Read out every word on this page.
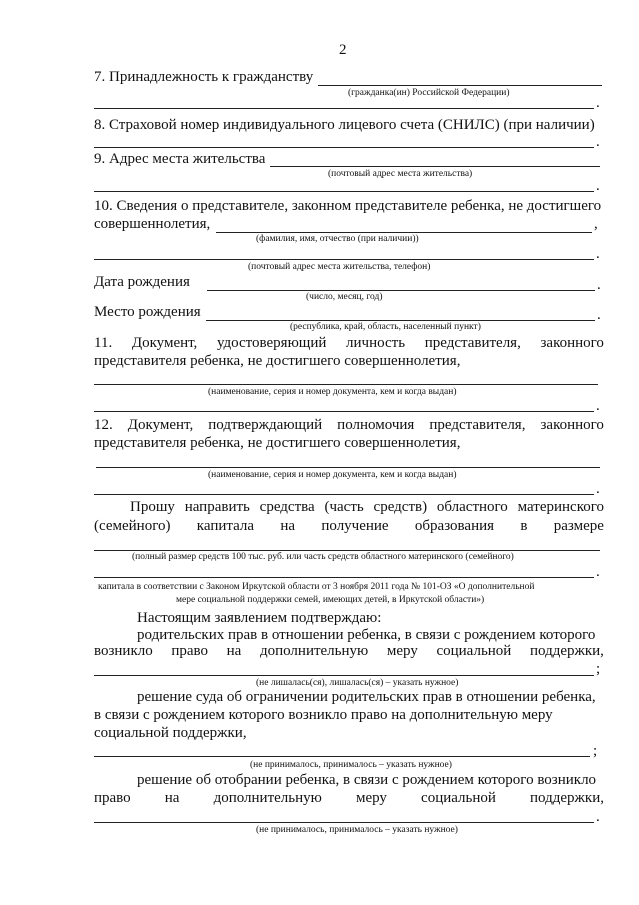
2
7. Принадлежность к гражданству
(гражданка(ин) Российской Федерации)
.
8. Страховой номер индивидуального лицевого счета (СНИЛС) (при наличии)
.
9. Адрес места жительства
(почтовый адрес места жительства)
.
10. Сведения о представителе, законном представителе ребенка, не достигшего
совершеннолетия,	,
(фамилия, имя, отчество (при наличии))
.
(почтовый адрес места жительства, телефон)
Дата рождения	.
(число, месяц, год)
Место рождения	.
(республика, край, область, населенный пункт)
11. Документ, удостоверяющий личность представителя, законного
представителя ребенка, не достигшего совершеннолетия,
(наименование, серия и номер документа, кем и когда выдан)
.
12. Документ, подтверждающий полномочия представителя, законного
представителя ребенка, не достигшего совершеннолетия,
(наименование, серия и номер документа, кем и когда выдан)
.
Прошу направить средства (часть средств) областного материнского
(семейного) капитала на получение образования в размере
(полный размер средств 100 тыс. руб. или часть средств областного материнского (семейного)
.
капитала в соответствии с Законом Иркутской области от 3 ноября 2011 года № 101-ОЗ «О дополнительной
мере социальной поддержки семей, имеющих детей, в Иркутской области»)
Настоящим заявлением подтверждаю:
родительских прав в отношении ребенка, в связи с рождением которого
возникло право на дополнительную меру социальной поддержки,
;
(не лишалась(ся), лишалась(ся) – указать нужное)
решение суда об ограничении родительских прав в отношении ребенка,
в связи с рождением которого возникло право на дополнительную меру
социальной поддержки,
;
(не принималось, принималось – указать нужное)
решение об отобрании ребенка, в связи с рождением которого возникло
право на дополнительную меру социальной поддержки,
.
(не принималось, принималось – указать нужное)
